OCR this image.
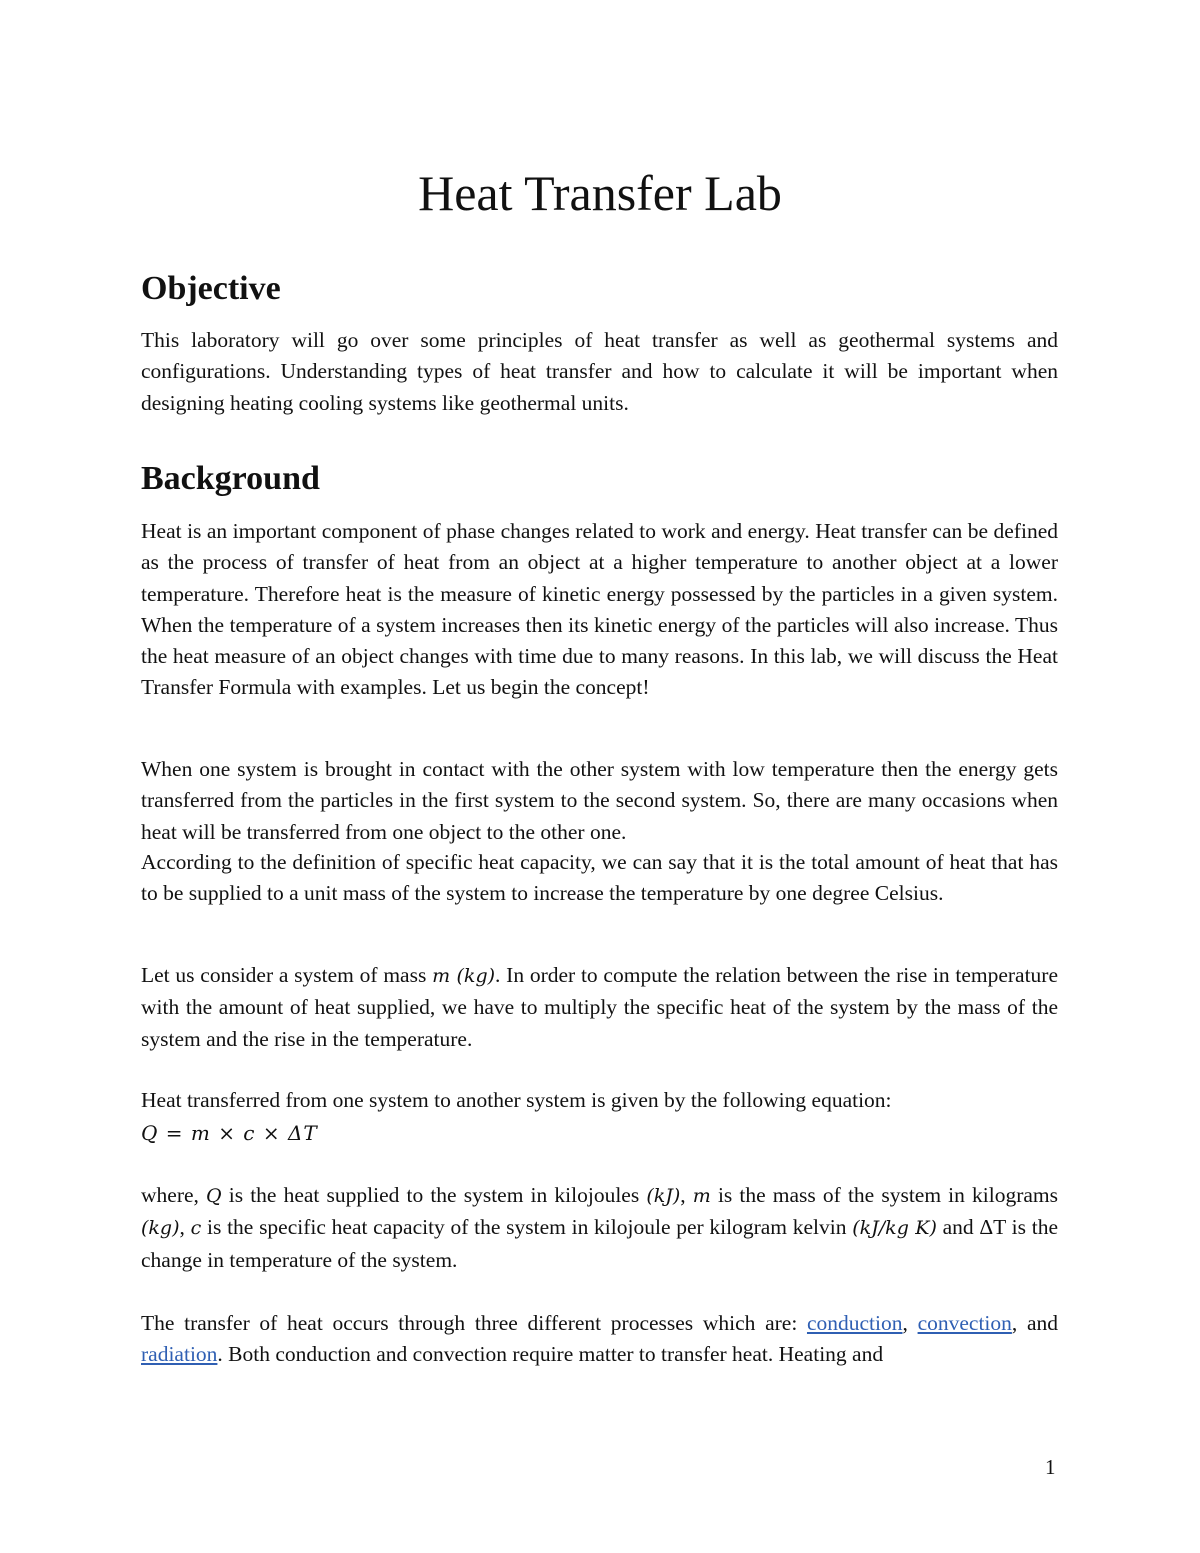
Heat Transfer Lab
Objective

This laboratory will go over some principles of heat transfer as well as geothermal systems and configurations. Understanding types of heat transfer and how to calculate it will be important when designing heating cooling systems like geothermal units.

Background

Heat is an important component of phase changes related to work and energy. Heat transfer can be defined as the process of transfer of heat from an object at a higher temperature to another object at a lower temperature. Therefore heat is the measure of kinetic energy possessed by the particles in a given system. When the temperature of a system increases then its kinetic energy of the particles will also increase. Thus the heat measure of an object changes with time due to many reasons. In this lab, we will discuss the Heat Transfer Formula with examples. Let us begin the concept!

When one system is brought in contact with the other system with low temperature then the energy gets transferred from the particles in the first system to the second system. So, there are many occasions when heat will be transferred from one object to the other one.

According to the definition of specific heat capacity, we can say that it is the total amount of heat that has to be supplied to a unit mass of the system to increase the temperature by one degree Celsius.

Let us consider a system of mass m (kg). In order to compute the relation between the rise in temperature with the amount of heat supplied, we have to multiply the specific heat of the system by the mass of the system and the rise in the temperature.

Heat transferred from one system to another system is given by the following equation:

Q = m × c × ΔT

where, Q is the heat supplied to the system in kilojoules (kJ), m is the mass of the system in kilograms (kg), c is the specific heat capacity of the system in kilojoule per kilogram kelvin (kJ/kg K) and ΔT is the change in temperature of the system.

The transfer of heat occurs through three different processes which are: conduction, convection, and radiation. Both conduction and convection require matter to transfer heat. Heating and

1
